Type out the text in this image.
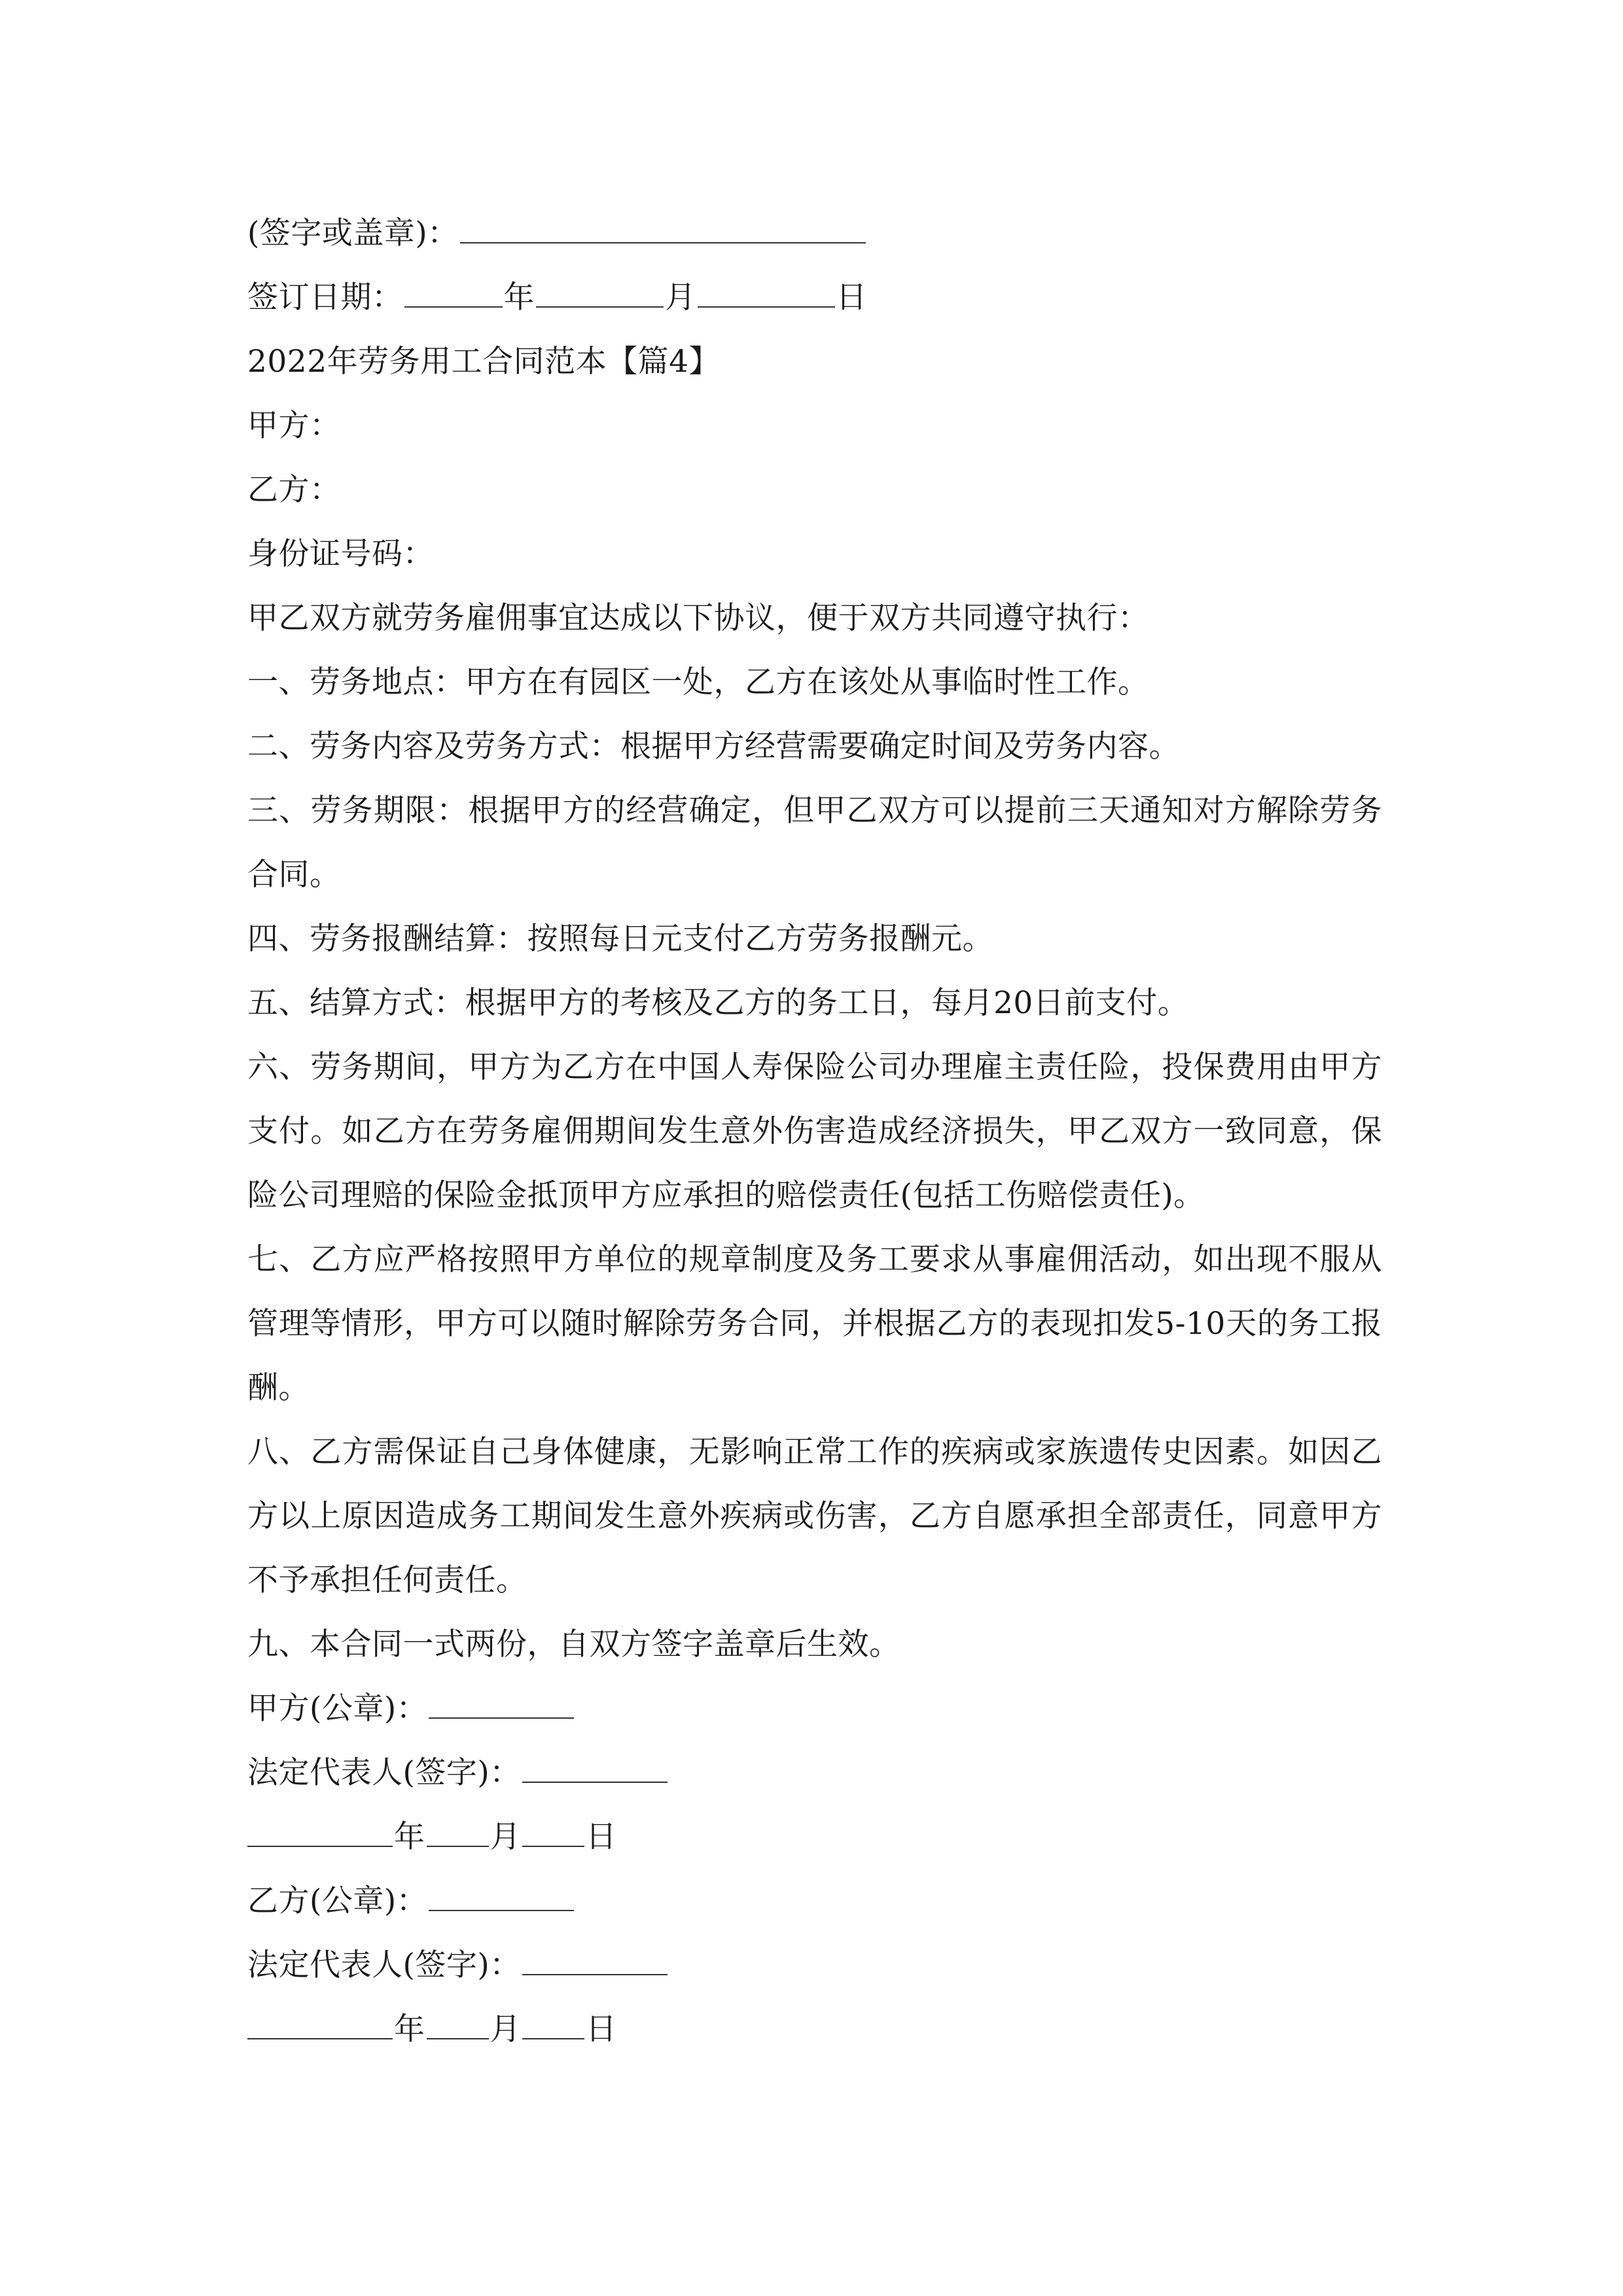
(签字或盖章)：
签订日期：	年	月	日
2022年劳务用工合同范本【篇4】
甲方：
乙方：
身份证号码：
甲乙双方就劳务雇佣事宜达成以下协议，便于双方共同遵守执行：
一、劳务地点：甲方在有园区一处，乙方在该处从事临时性工作。
二、劳务内容及劳务方式：根据甲方经营需要确定时间及劳务内容。
三、劳务期限：根据甲方的经营确定，但甲乙双方可以提前三天通知对方解除劳务合同。
四、劳务报酬结算：按照每日元支付乙方劳务报酬元。
五、结算方式：根据甲方的考核及乙方的务工日，每月20日前支付。
六、劳务期间，甲方为乙方在中国人寿保险公司办理雇主责任险，投保费用由甲方支付。如乙方在劳务雇佣期间发生意外伤害造成经济损失，甲乙双方一致同意，保险公司理赔的保险金抵顶甲方应承担的赔偿责任(包括工伤赔偿责任)。
七、乙方应严格按照甲方单位的规章制度及务工要求从事雇佣活动，如出现不服从管理等情形，甲方可以随时解除劳务合同，并根据乙方的表现扣发5-10天的务工报酬。
八、乙方需保证自己身体健康，无影响正常工作的疾病或家族遗传史因素。如因乙方以上原因造成务工期间发生意外疾病或伤害，乙方自愿承担全部责任，同意甲方不予承担任何责任。
九、本合同一式两份，自双方签字盖章后生效。
甲方(公章)：
法定代表人(签字)：
年 月 日
乙方(公章)：
法定代表人(签字)：
年 月 日
